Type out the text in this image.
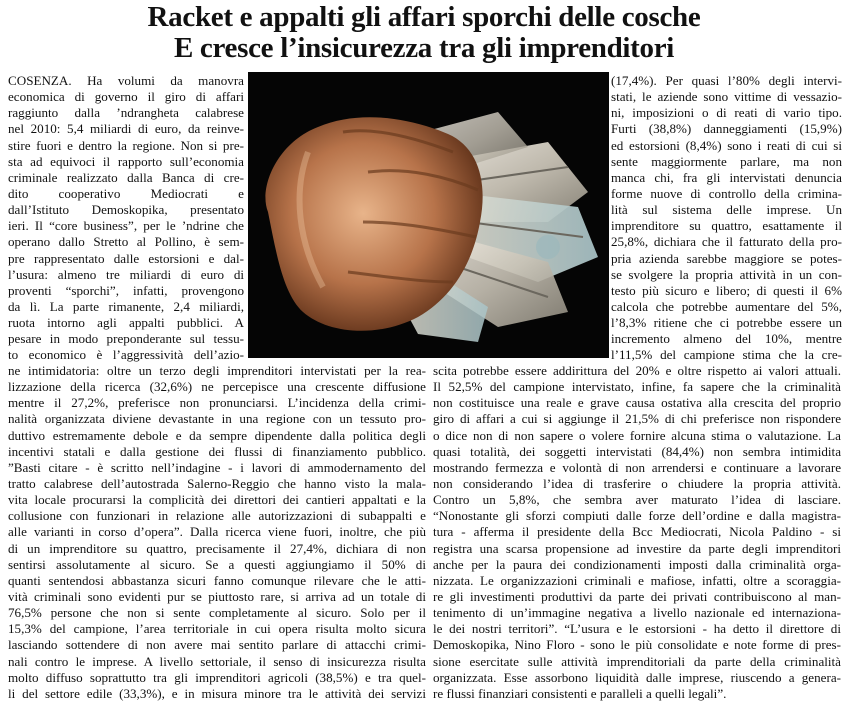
Racket e appalti gli affari sporchi delle cosche
E cresce l’insicurezza tra gli imprenditori

COSENZA. Ha volumi da manovra
economica di governo il giro di affari
raggiunto dalla ’ndrangheta calabrese
nel 2010: 5,4 miliardi di euro, da reinve-
stire fuori e dentro la regione. Non si pre-
sta ad equivoci il rapporto sull’economia
criminale realizzato dalla Banca di cre-
dito cooperativo Mediocrati e
dall’Istituto Demoskopika, presentato
ieri. Il “core business”, per le ’ndrine che
operano dallo Stretto al Pollino, è sem-
pre rappresentato dalle estorsioni e dal-
l’usura: almeno tre miliardi di euro di
proventi “sporchi”, infatti, provengono
da lì. La parte rimanente, 2,4 miliardi,
ruota intorno agli appalti pubblici. A
pesare in modo preponderante sul tessu-
to economico è l’aggressività dell’azio-

(17,4%). Per quasi l’80% degli intervi-
stati, le aziende sono vittime di vessazio-
ni, imposizioni o di reati di vario tipo.
Furti (38,8%) danneggiamenti (15,9%)
ed estorsioni (8,4%) sono i reati di cui si
sente maggiormente parlare, ma non
manca chi, fra gli intervistati denuncia
forme nuove di controllo della crimina-
lità sul sistema delle imprese. Un
imprenditore su quattro, esattamente il
25,8%, dichiara che il fatturato della pro-
pria azienda sarebbe maggiore se potes-
se svolgere la propria attività in un con-
testo più sicuro e libero; di questi il 6%
calcola che potrebbe aumentare del 5%,
l’8,3% ritiene che ci potrebbe essere un
incremento almeno del 10%, mentre
l’11,5% del campione stima che la cre-

ne intimidatoria: oltre un terzo degli imprenditori intervistati per la rea- scita potrebbe essere addirittura del 20% e oltre rispetto ai valori attuali.
lizzazione della ricerca (32,6%) ne percepisce una crescente diffusione Il 52,5% del campione intervistato, infine, fa sapere che la criminalità
mentre il 27,2%, preferisce non pronunciarsi. L’incidenza della crimi- non costituisce una reale e grave causa ostativa alla crescita del proprio
nalità organizzata diviene devastante in una regione con un tessuto pro- giro di affari a cui si aggiunge il 21,5% di chi preferisce non rispondere
duttivo estremamente debole e da sempre dipendente dalla politica degli o dice non di non sapere o volere fornire alcuna stima o valutazione. La
incentivi statali e dalla gestione dei flussi di finanziamento pubblico. quasi totalità, dei soggetti intervistati (84,4%) non sembra intimidita
”Basti citare - è scritto nell’indagine - i lavori di ammodernamento del mostrando fermezza e volontà di non arrendersi e continuare a lavorare
tratto calabrese dell’autostrada Salerno-Reggio che hanno visto la mala- non considerando l’idea di trasferire o chiudere la propria attività.
vita locale procurarsi la complicità dei direttori dei cantieri appaltati e la Contro un 5,8%, che sembra aver maturato l’idea di lasciare.
collusione con funzionari in relazione alle autorizzazioni di subappalti e “Nonostante gli sforzi compiuti dalle forze dell’ordine e dalla magistra-
alle varianti in corso d’opera”. Dalla ricerca viene fuori, inoltre, che più tura - afferma il presidente della Bcc Mediocrati, Nicola Paldino - si
di un imprenditore su quattro, precisamente il 27,4%, dichiara di non registra una scarsa propensione ad investire da parte degli imprenditori
sentirsi assolutamente al sicuro. Se a questi aggiungiamo il 50% di anche per la paura dei condizionamenti imposti dalla criminalità orga-
quanti sentendosi abbastanza sicuri fanno comunque rilevare che le atti- nizzata. Le organizzazioni criminali e mafiose, infatti, oltre a scoraggia-
vità criminali sono evidenti pur se piuttosto rare, si arriva ad un totale di re gli investimenti produttivi da parte dei privati contribuiscono al man-
76,5% persone che non si sente completamente al sicuro. Solo per il tenimento di un’immagine negativa a livello nazionale ed internaziona-
15,3% del campione, l’area territoriale in cui opera risulta molto sicura le dei nostri territori”. “L’usura e le estorsioni - ha detto il direttore di
lasciando sottendere di non avere mai sentito parlare di attacchi crimi- Demoskopika, Nino Floro - sono le più consolidate e note forme di pres-
nali contro le imprese. A livello settoriale, il senso di insicurezza risulta sione esercitate sulle attività imprenditoriali da parte della criminalità
molto diffuso soprattutto tra gli imprenditori agricoli (38,5%) e tra quel- organizzata. Esse assorbono liquidità dalle imprese, riuscendo a genera-
li del settore edile (33,3%), e in misura minore tra le attività dei servizi re flussi finanziari consistenti e paralleli a quelli legali”.
